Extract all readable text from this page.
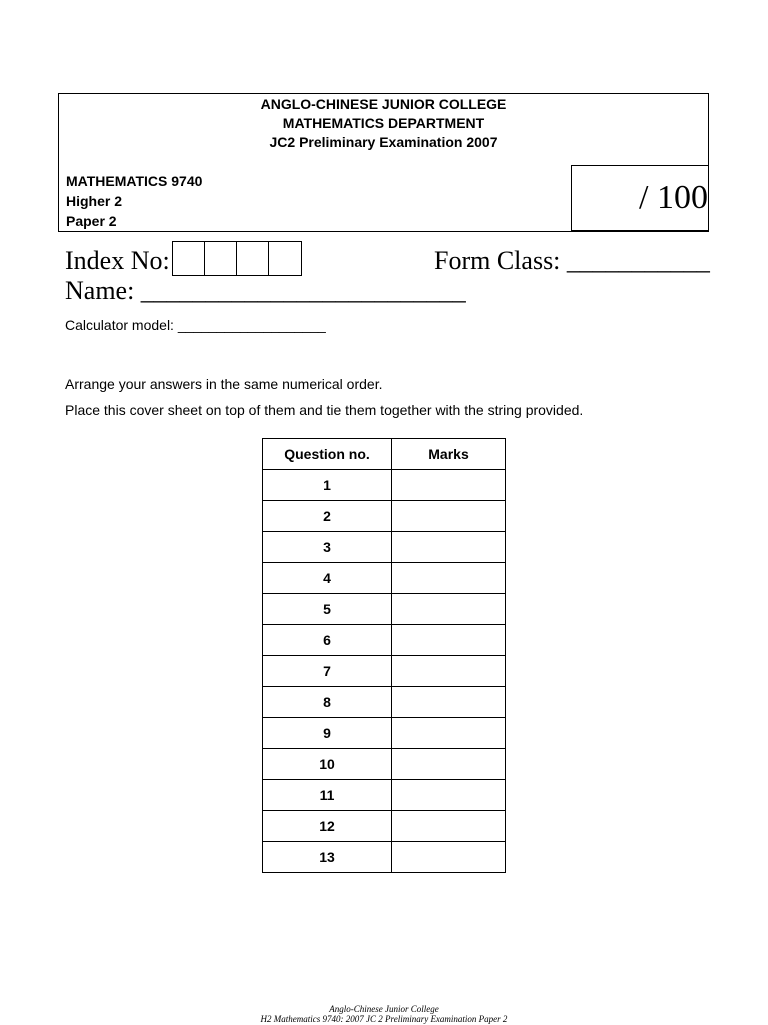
ANGLO-CHINESE JUNIOR COLLEGE
MATHEMATICS DEPARTMENT
JC2 Preliminary Examination 2007
MATHEMATICS 9740
Higher 2
Paper 2
/ 100
Index No:	Form Class: ___________
Name: _________________________
Calculator model: ___________________
Arrange your answers in the same numerical order.
Place this cover sheet on top of them and tie them together with the string provided.
Question no.	Marks
1	
2	
3	
4	
5	
6	
7	
8	
9	
10	
11	
12	
13	
Anglo-Chinese Junior College
H2 Mathematics 9740: 2007 JC 2 Preliminary Examination Paper 2
